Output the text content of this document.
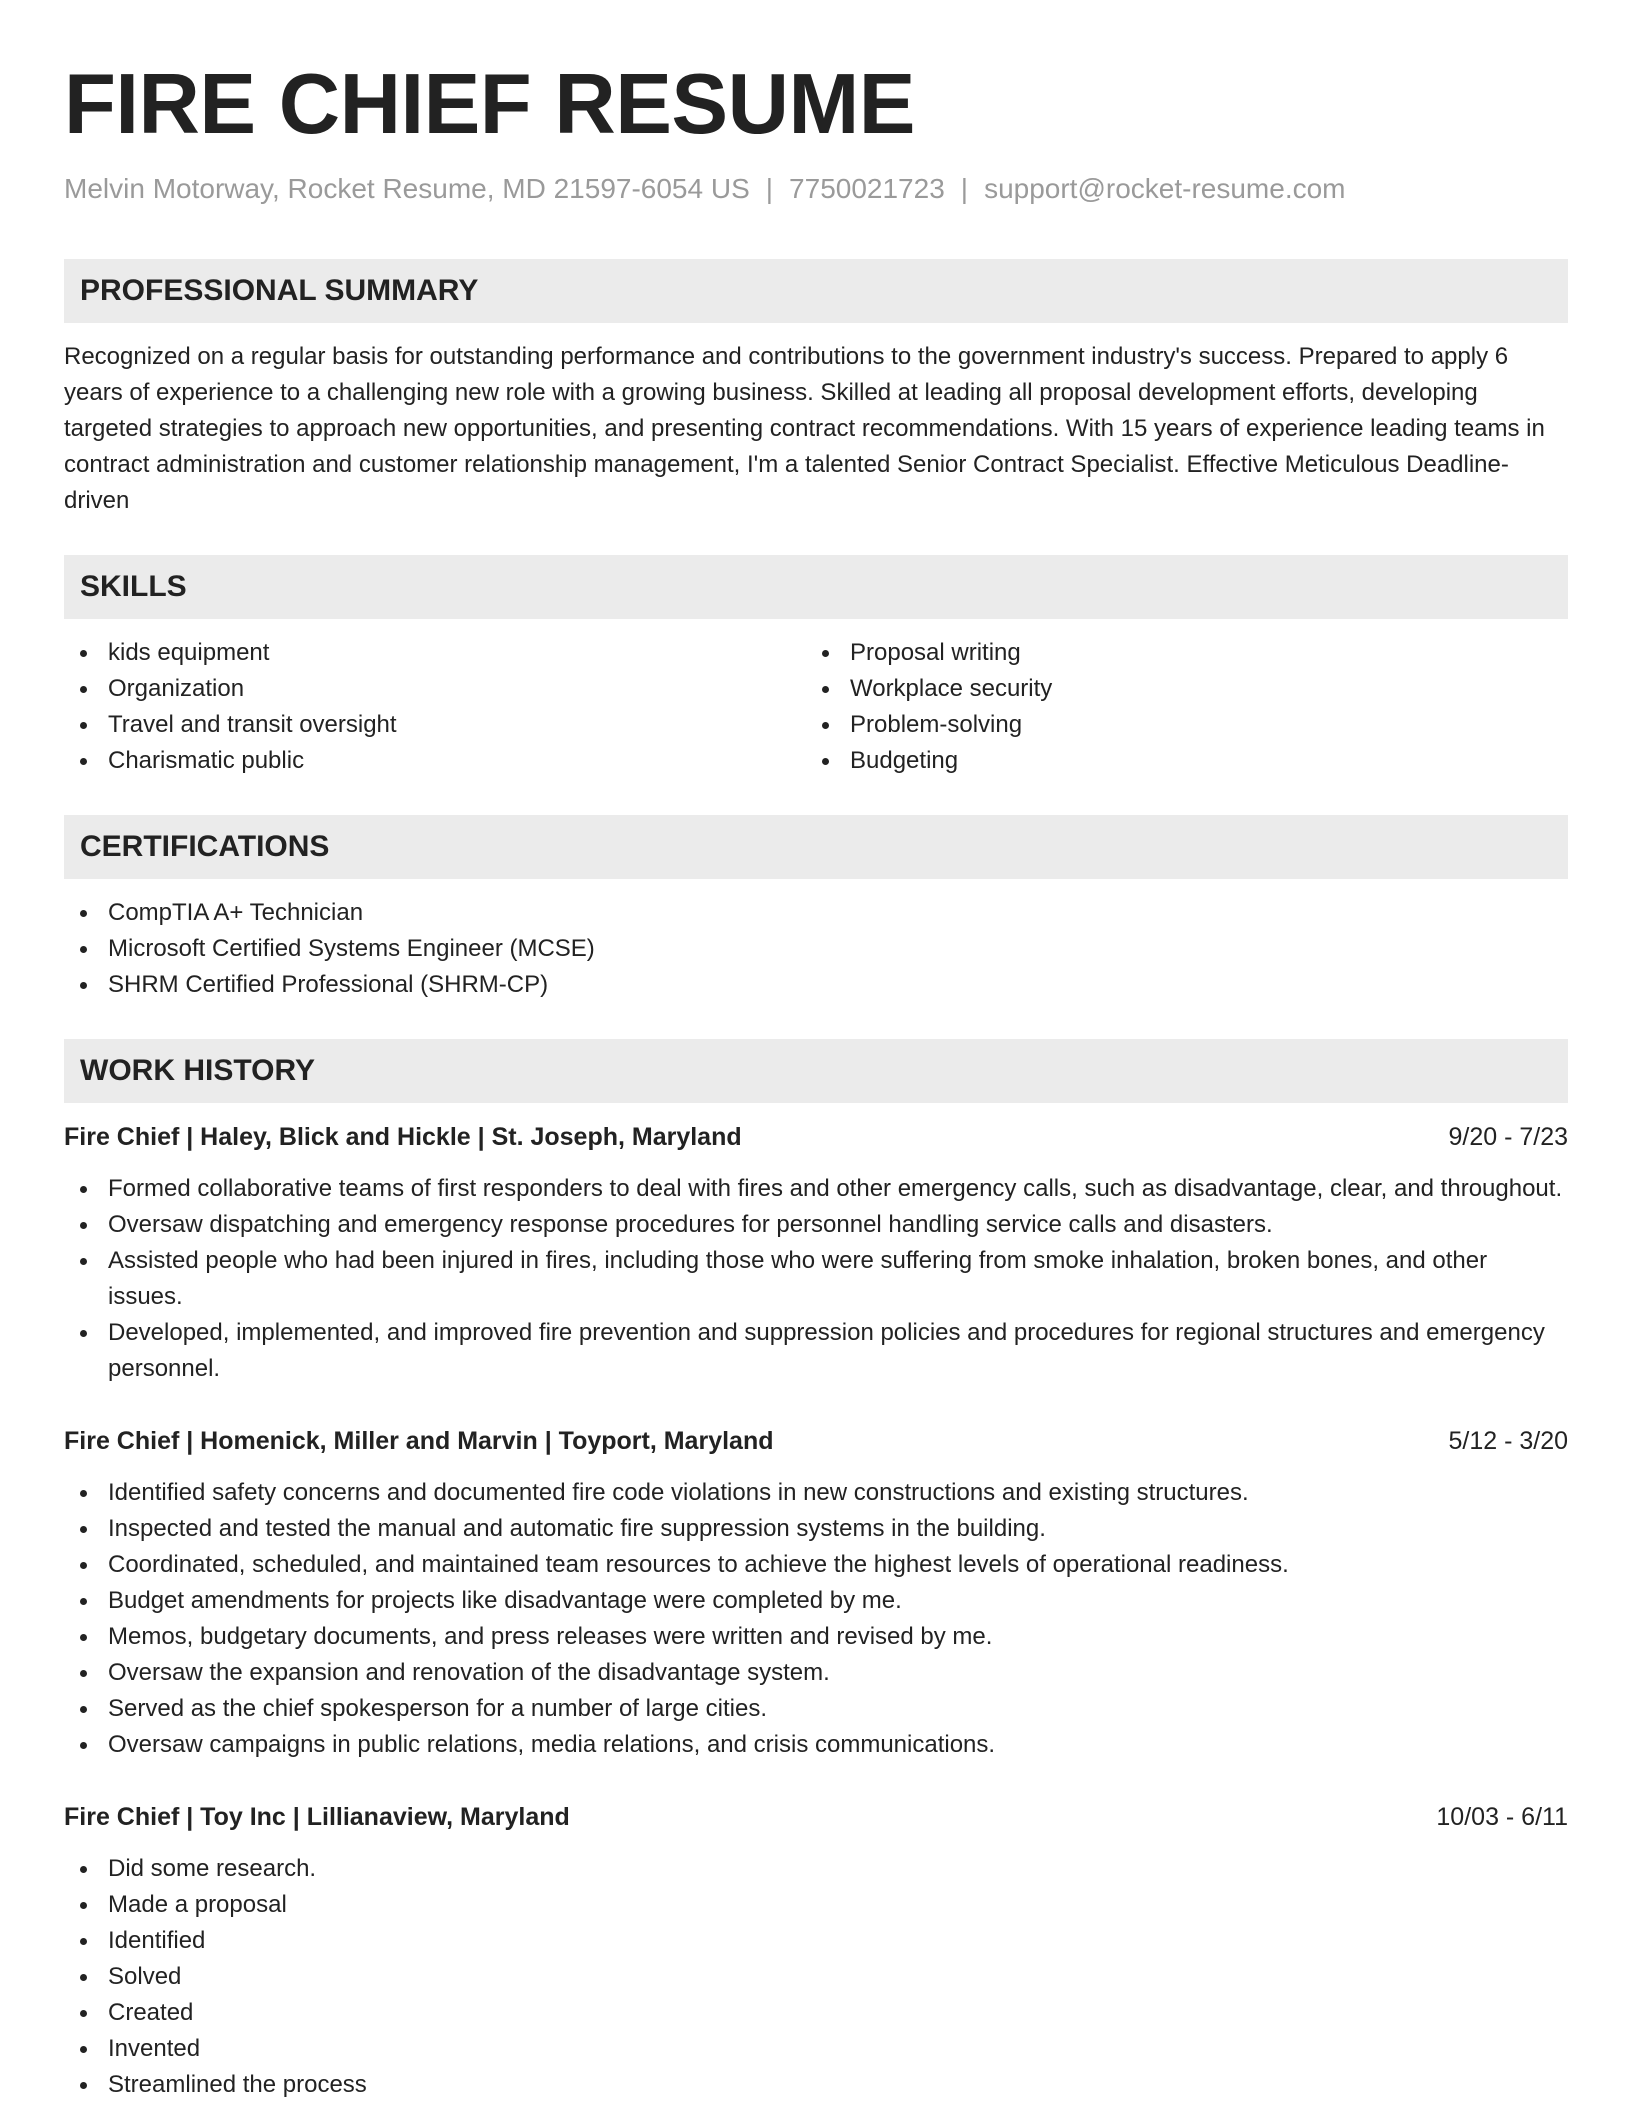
FIRE CHIEF RESUME
Melvin Motorway, Rocket Resume, MD 21597-6054 US | 7750021723 | support@rocket-resume.com
PROFESSIONAL SUMMARY

Recognized on a regular basis for outstanding performance and contributions to the government industry's success. Prepared to apply 6 years of experience to a challenging new role with a growing business. Skilled at leading all proposal development efforts, developing targeted strategies to approach new opportunities, and presenting contract recommendations. With 15 years of experience leading teams in contract administration and customer relationship management, I'm a talented Senior Contract Specialist. Effective Meticulous Deadline-driven

SKILLS
kids equipment
Organization
Travel and transit oversight
Charismatic public
Proposal writing
Workplace security
Problem-solving
Budgeting
CERTIFICATIONS
CompTIA A+ Technician
Microsoft Certified Systems Engineer (MCSE)
SHRM Certified Professional (SHRM-CP)
WORK HISTORY
Fire Chief | Haley, Blick and Hickle | St. Joseph, Maryland	9/20 - 7/23
Formed collaborative teams of first responders to deal with fires and other emergency calls, such as disadvantage, clear, and throughout.
Oversaw dispatching and emergency response procedures for personnel handling service calls and disasters.
Assisted people who had been injured in fires, including those who were suffering from smoke inhalation, broken bones, and other issues.
Developed, implemented, and improved fire prevention and suppression policies and procedures for regional structures and emergency personnel.
Fire Chief | Homenick, Miller and Marvin | Toyport, Maryland	5/12 - 3/20
Identified safety concerns and documented fire code violations in new constructions and existing structures.
Inspected and tested the manual and automatic fire suppression systems in the building.
Coordinated, scheduled, and maintained team resources to achieve the highest levels of operational readiness.
Budget amendments for projects like disadvantage were completed by me.
Memos, budgetary documents, and press releases were written and revised by me.
Oversaw the expansion and renovation of the disadvantage system.
Served as the chief spokesperson for a number of large cities.
Oversaw campaigns in public relations, media relations, and crisis communications.
Fire Chief | Toy Inc | Lillianaview, Maryland	10/03 - 6/11
Did some research.
Made a proposal
Identified
Solved
Created
Invented
Streamlined the process
